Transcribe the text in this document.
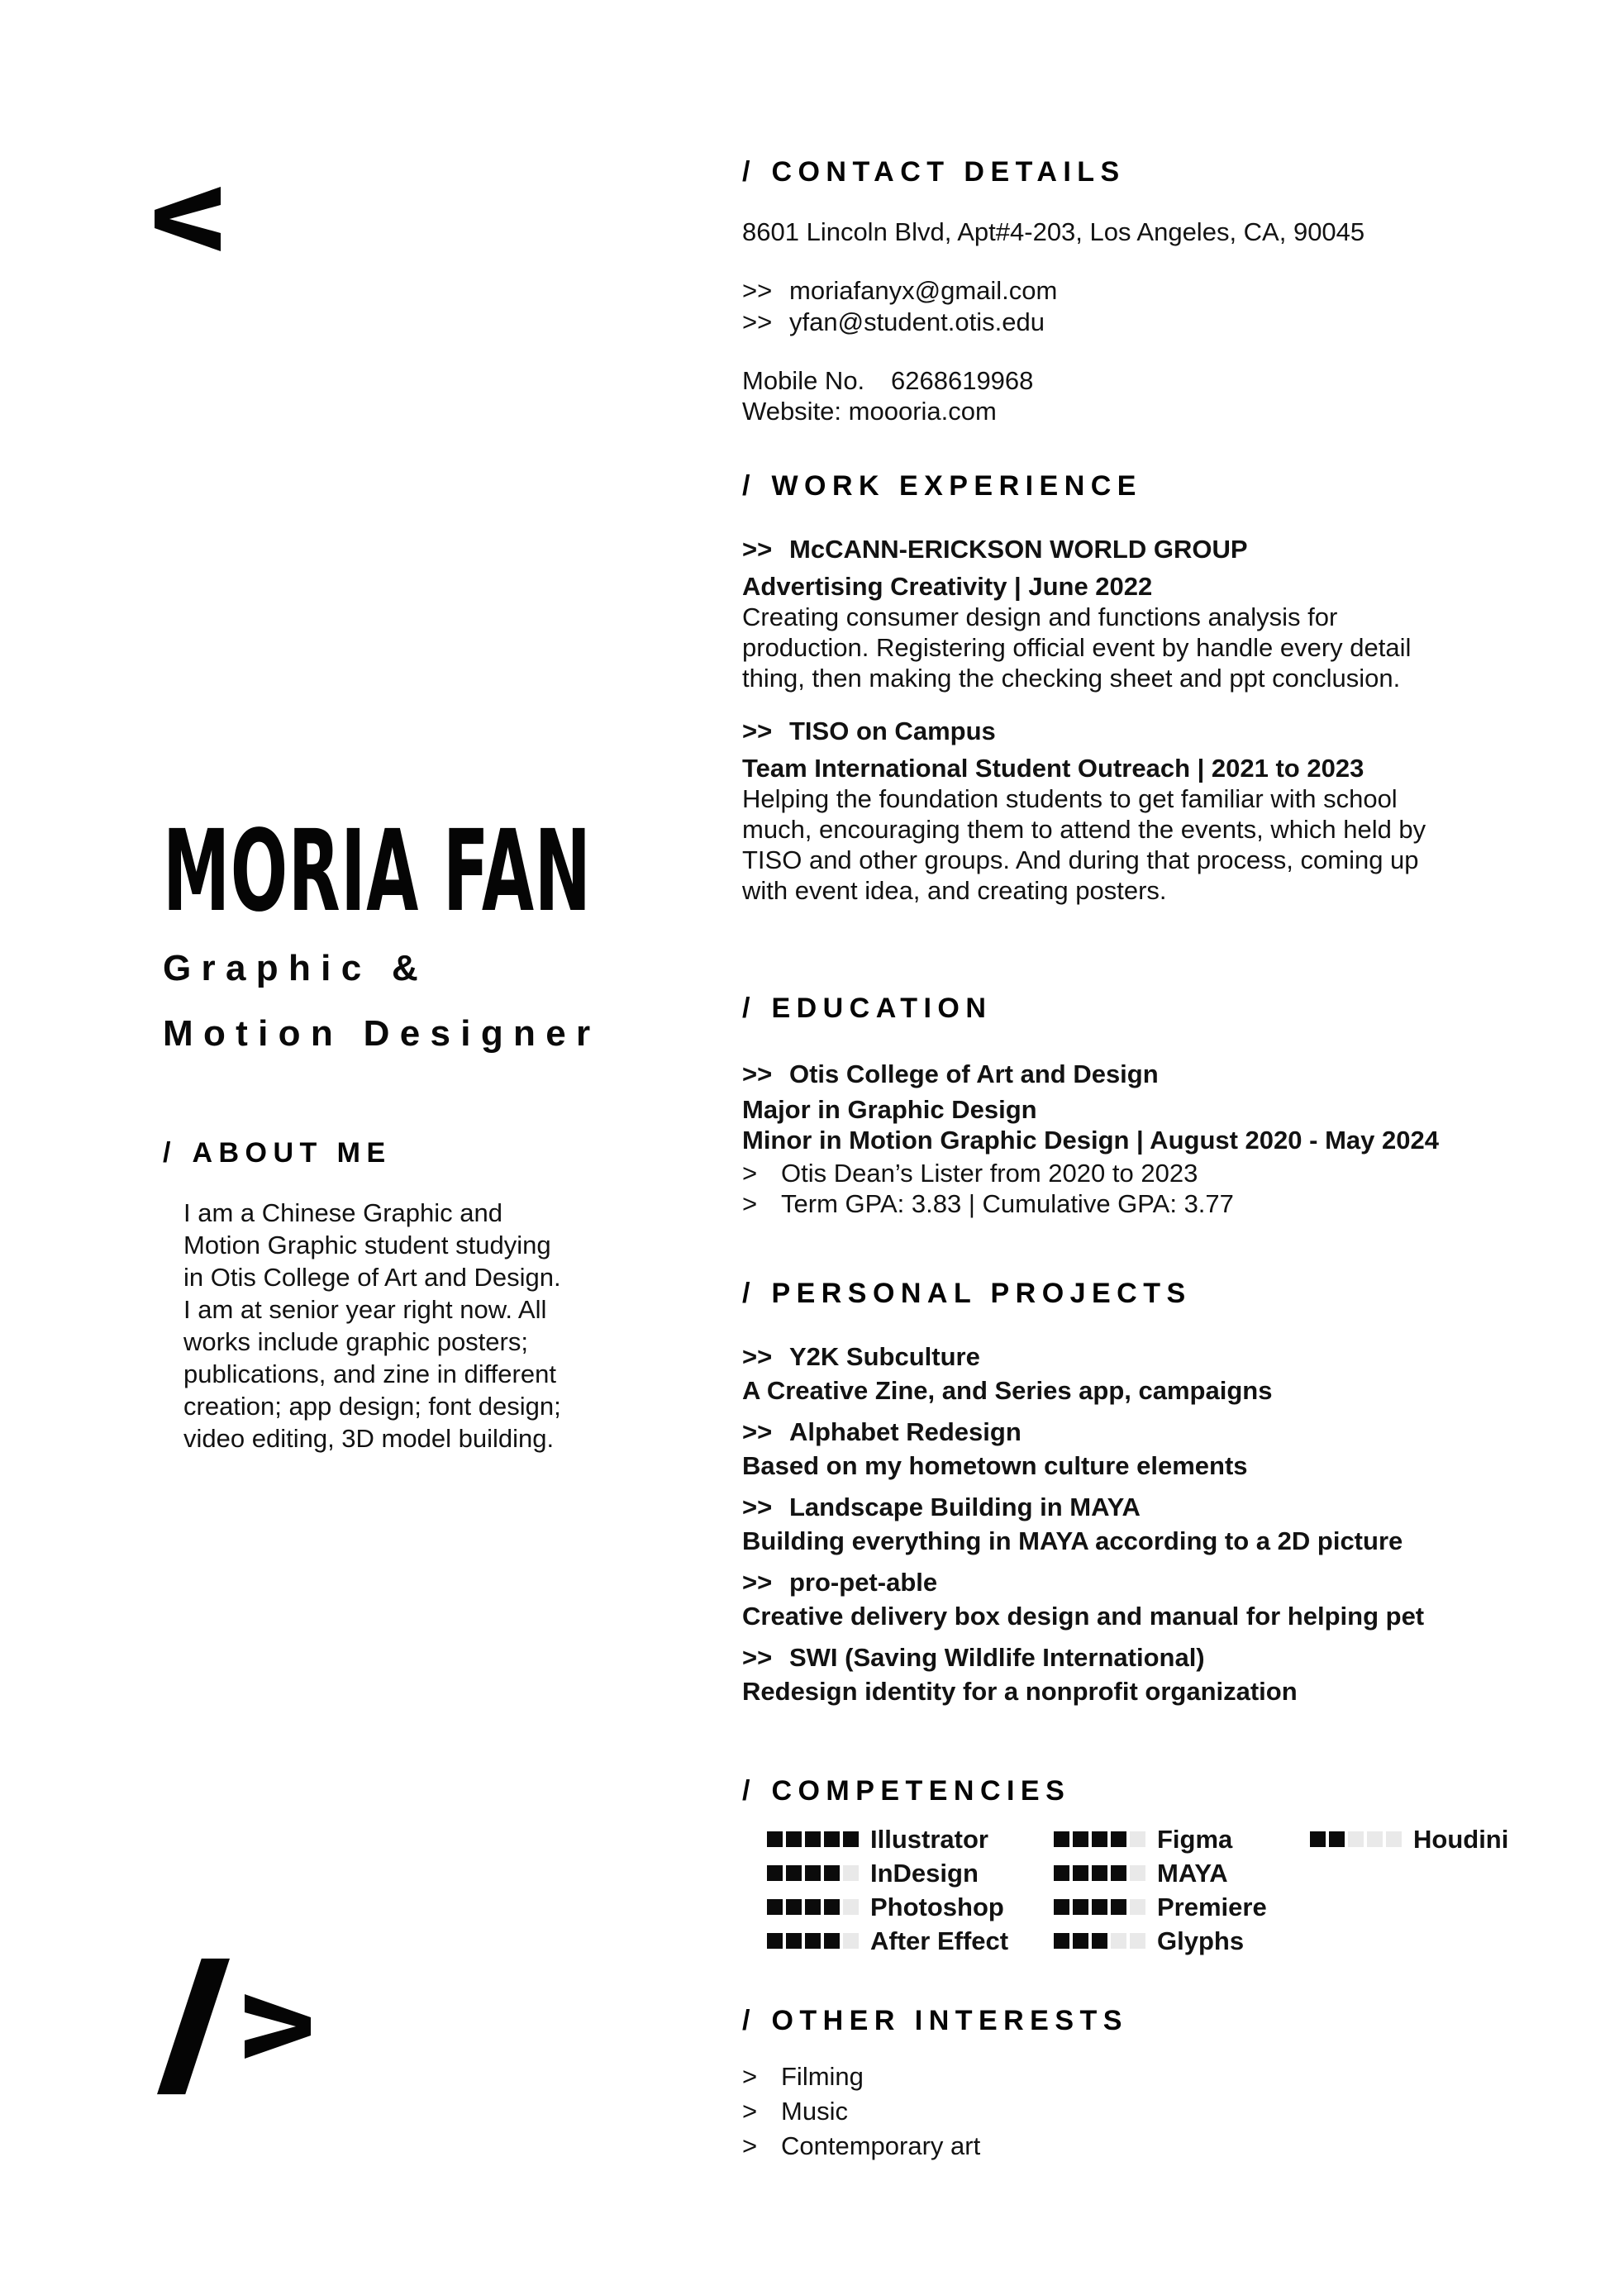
MORIA FAN
Graphic &
Motion Designer
/ ABOUT ME
I am a Chinese Graphic and
Motion Graphic student studying
in Otis College of Art and Design.
I am at senior year right now. All
works include graphic posters;
publications, and zine in different
creation; app design; font design;
video editing, 3D model building.
/ CONTACT DETAILS
8601 Lincoln Blvd, Apt#4-203, Los Angeles, CA, 90045
>> moriafanyx@gmail.com
>> yfan@student.otis.edu
Mobile No. 6268619968
Website: moooria.com
/ WORK EXPERIENCE
>> McCANN-ERICKSON WORLD GROUP
Advertising Creativity | June 2022
Creating consumer design and functions analysis for
production. Registering official event by handle every detail
thing, then making the checking sheet and ppt conclusion.
>> TISO on Campus
Team International Student Outreach | 2021 to 2023
Helping the foundation students to get familiar with school
much, encouraging them to attend the events, which held by
TISO and other groups. And during that process, coming up
with event idea, and creating posters.
/ EDUCATION
>> Otis College of Art and Design
Major in Graphic Design
Minor in Motion Graphic Design | August 2020 - May 2024
> Otis Dean’s Lister from 2020 to 2023
> Term GPA: 3.83 | Cumulative GPA: 3.77
/ PERSONAL PROJECTS
>> Y2K Subculture
A Creative Zine, and Series app, campaigns
>> Alphabet Redesign
Based on my hometown culture elements
>> Landscape Building in MAYA
Building everything in MAYA according to a 2D picture
>> pro-pet-able
Creative delivery box design and manual for helping pet
>> SWI (Saving Wildlife International)
Redesign identity for a nonprofit organization
/ COMPETENCIES
Illustrator
InDesign
Photoshop
After Effect
Figma
MAYA
Premiere
Glyphs
Houdini
/ OTHER INTERESTS
> Filming
> Music
> Contemporary art
